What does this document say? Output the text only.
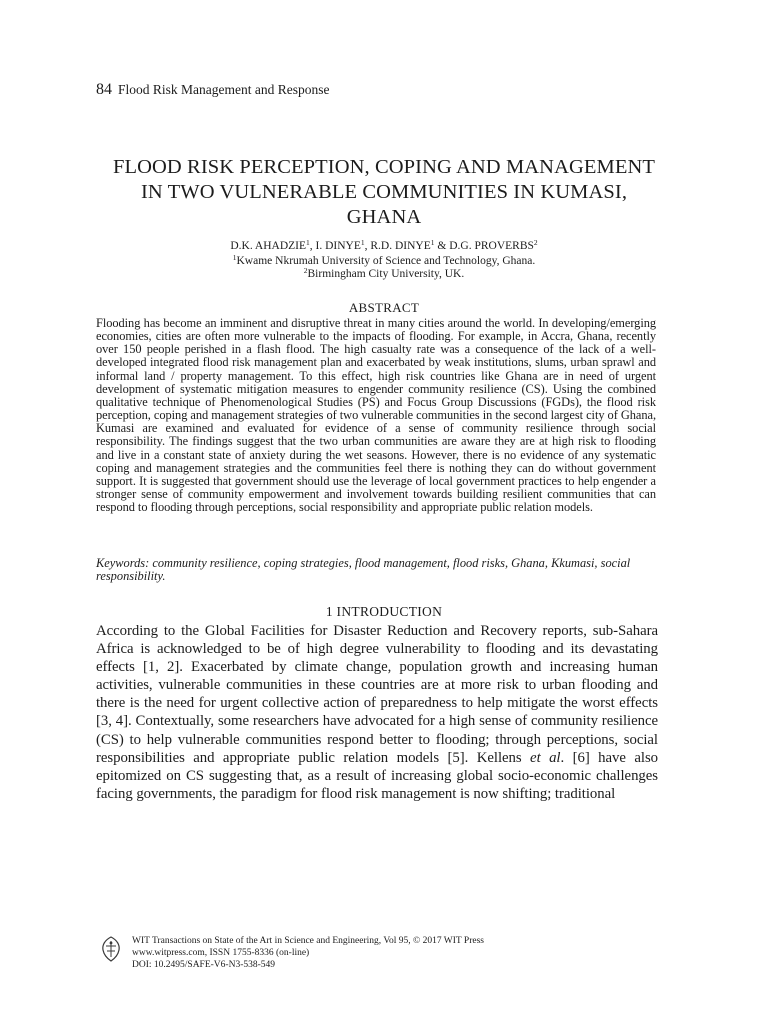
84 Flood Risk Management and Response
FLOOD RISK PERCEPTION, COPING AND MANAGEMENT
IN TWO VULNERABLE COMMUNITIES IN KUMASI,
GHANA
D.K. AHADZIE$^1$, I. DINYE$^1$, R.D. DINYE$^1$ & D.G. PROVERBS$^2$
$^1$Kwame Nkrumah University of Science and Technology, Ghana.
$^2$Birmingham City University, UK.
ABSTRACT
Flooding has become an imminent and disruptive threat in many cities around the world. In developing/emerging economies, cities are often more vulnerable to the impacts of flooding. For example, in Accra, Ghana, recently over 150 people perished in a flash flood. The high casualty rate was a consequence of the lack of a well-developed integrated flood risk management plan and exacerbated by weak institutions, slums, urban sprawl and informal land / property management. To this effect, high risk countries like Ghana are in need of urgent development of systematic mitigation measures to engender community resilience (CS). Using the combined qualitative technique of Phenomenological Studies (PS) and Focus Group Discussions (FGDs), the flood risk perception, coping and management strategies of two vulnerable communities in the second largest city of Ghana, Kumasi are examined and evaluated for evidence of a sense of community resilience through social responsibility. The findings suggest that the two urban communities are aware they are at high risk to flooding and live in a constant state of anxiety during the wet seasons. However, there is no evidence of any systematic coping and management strategies and the communities feel there is nothing they can do without government support. It is suggested that government should use the leverage of local government practices to help engender a stronger sense of community empowerment and involvement towards building resilient communities that can respond to flooding through perceptions, social responsibility and appropriate public relation models.
Keywords: community resilience, coping strategies, flood management, flood risks, Ghana, Kkumasi, social responsibility.
1 INTRODUCTION
According to the Global Facilities for Disaster Reduction and Recovery reports, sub-Sahara Africa is acknowledged to be of high degree vulnerability to flooding and its devastating effects [1, 2]. Exacerbated by climate change, population growth and increasing human activities, vulnerable communities in these countries are at more risk to urban flooding and there is the need for urgent collective action of preparedness to help mitigate the worst effects [3, 4]. Contextually, some researchers have advocated for a high sense of community resilience (CS) to help vulnerable communities respond better to flooding; through perceptions, social responsibilities and appropriate public relation models [5]. Kellens et al. [6] have also epitomized on CS suggesting that, as a result of increasing global socio-economic challenges facing governments, the paradigm for flood risk management is now shifting; traditional
WIT Transactions on State of the Art in Science and Engineering, Vol 95, © 2017 WIT Press
www.witpress.com, ISSN 1755-8336 (on-line)
DOI: 10.2495/SAFE-V6-N3-538-549
